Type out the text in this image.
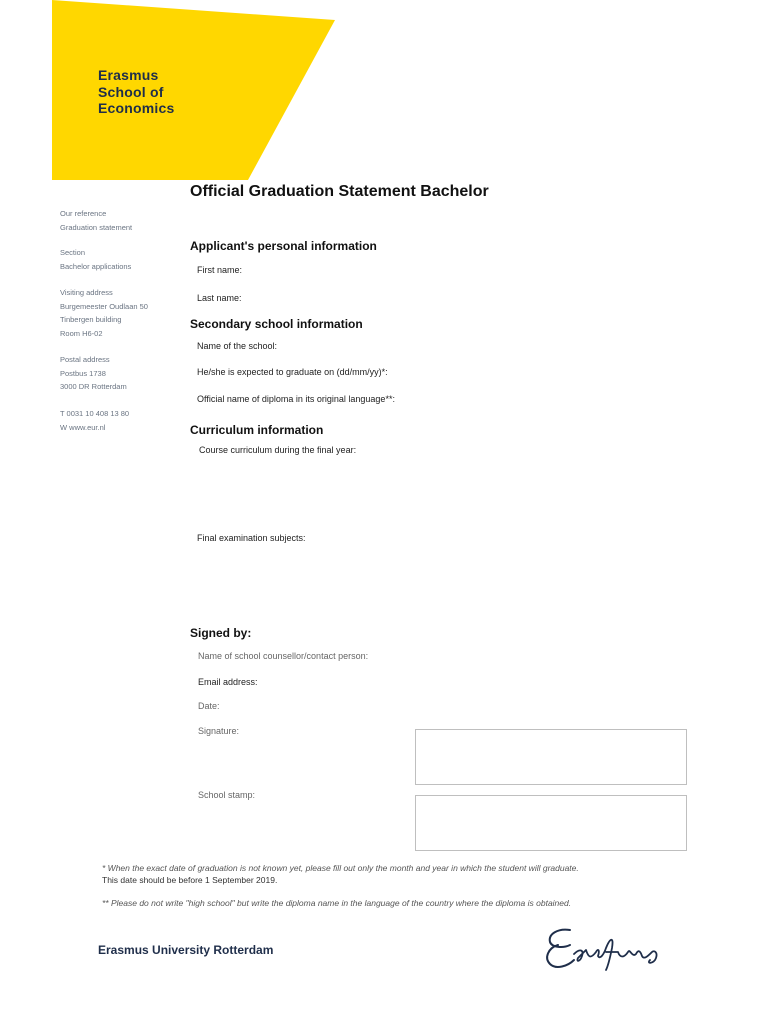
Erasmus
School of
Economics
Our reference
Graduation statement
Section
Bachelor applications
Visiting address
Burgemeester Oudlaan 50
Tinbergen building
Room H6-02
Postal address
Postbus 1738
3000 DR Rotterdam
T 0031 10 408 13 80
W www.eur.nl
Official Graduation Statement Bachelor
Applicant's personal information
First name:
Last name:
Secondary school information
Name of the school:
He/she is expected to graduate on (dd/mm/yy)*:
Official name of diploma in its original language**:
Curriculum information
Course curriculum during the final year:
Final examination subjects:
Signed by:
Name of school counsellor/contact person:
Email address:
Date:
Signature:
School stamp:
* When the exact date of graduation is not known yet, please fill out only the month and year in which the student will graduate.
This date should be before 1 September 2019.
** Please do not write "high school" but write the diploma name in the language of the country where the diploma is obtained.
Erasmus University Rotterdam
